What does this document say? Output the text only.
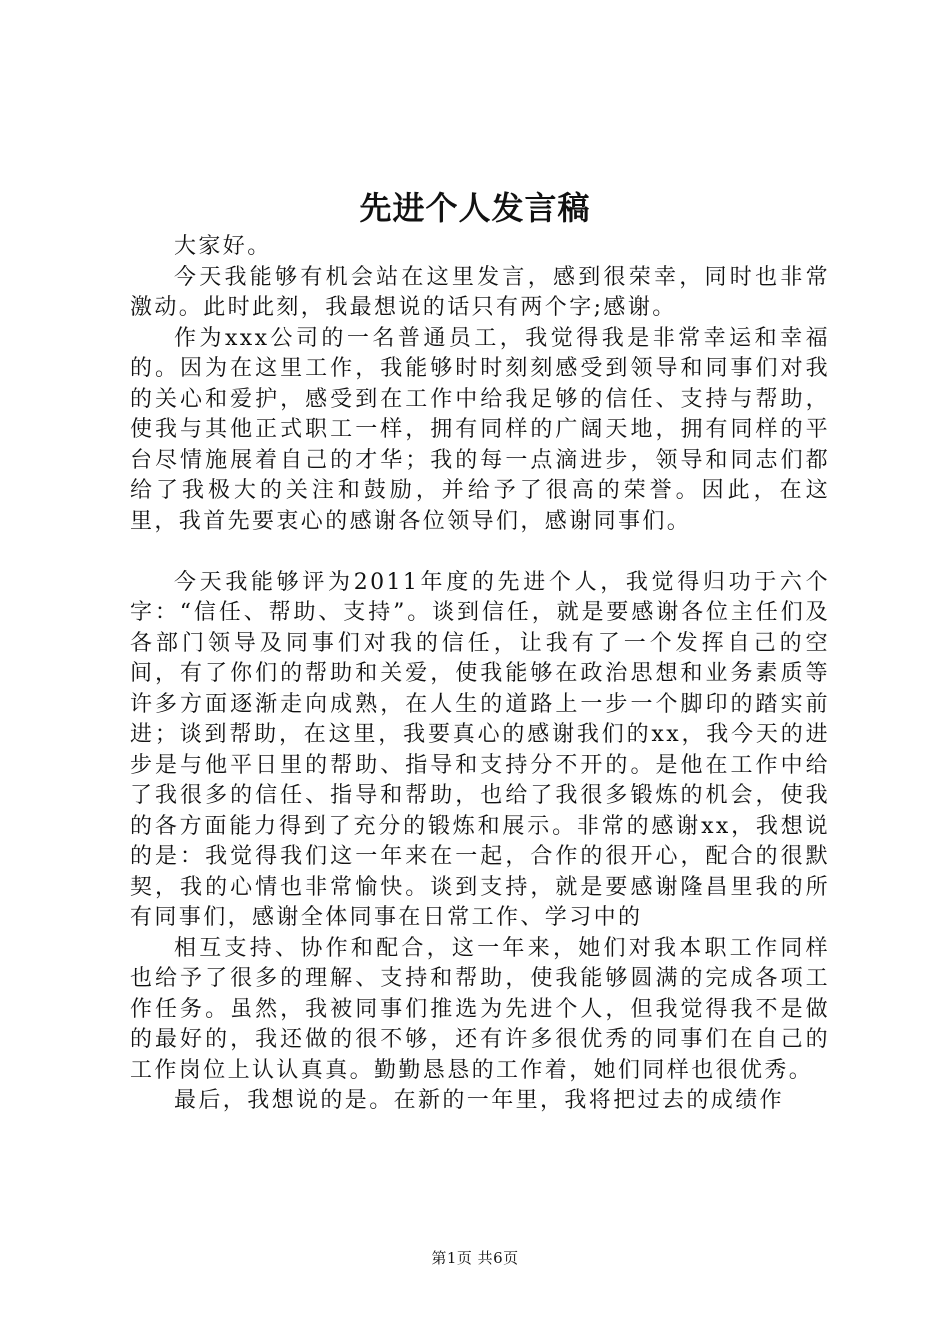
先进个人发言稿

大家好。

今天我能够有机会站在这里发言，感到很荣幸，同时也非常激动。此时此刻，我最想说的话只有两个字;感谢。

作为xxx公司的一名普通员工，我觉得我是非常幸运和幸福的。因为在这里工作，我能够时时刻刻感受到领导和同事们对我的关心和爱护，感受到在工作中给我足够的信任、支持与帮助，使我与其他正式职工一样，拥有同样的广阔天地，拥有同样的平台尽情施展着自己的才华；我的每一点滴进步，领导和同志们都给了我极大的关注和鼓励，并给予了很高的荣誉。因此，在这里，我首先要衷心的感谢各位领导们，感谢同事们。

今天我能够评为2011年度的先进个人，我觉得归功于六个字：“信任、帮助、支持”。谈到信任，就是要感谢各位主任们及各部门领导及同事们对我的信任，让我有了一个发挥自己的空间，有了你们的帮助和关爱，使我能够在政治思想和业务素质等许多方面逐渐走向成熟，在人生的道路上一步一个脚印的踏实前进；谈到帮助，在这里，我要真心的感谢我们的xx，我今天的进步是与他平日里的帮助、指导和支持分不开的。是他在工作中给了我很多的信任、指导和帮助，也给了我很多锻炼的机会，使我的各方面能力得到了充分的锻炼和展示。非常的感谢xx，我想说的是：我觉得我们这一年来在一起，合作的很开心，配合的很默契，我的心情也非常愉快。谈到支持，就是要感谢隆昌里我的所有同事们，感谢全体同事在日常工作、学习中的

相互支持、协作和配合，这一年来，她们对我本职工作同样也给予了很多的理解、支持和帮助，使我能够圆满的完成各项工作任务。虽然，我被同事们推选为先进个人，但我觉得我不是做的最好的，我还做的很不够，还有许多很优秀的同事们在自己的工作岗位上认认真真。勤勤恳恳的工作着，她们同样也很优秀。

最后，我想说的是。在新的一年里，我将把过去的成绩作

第1页 共6页
